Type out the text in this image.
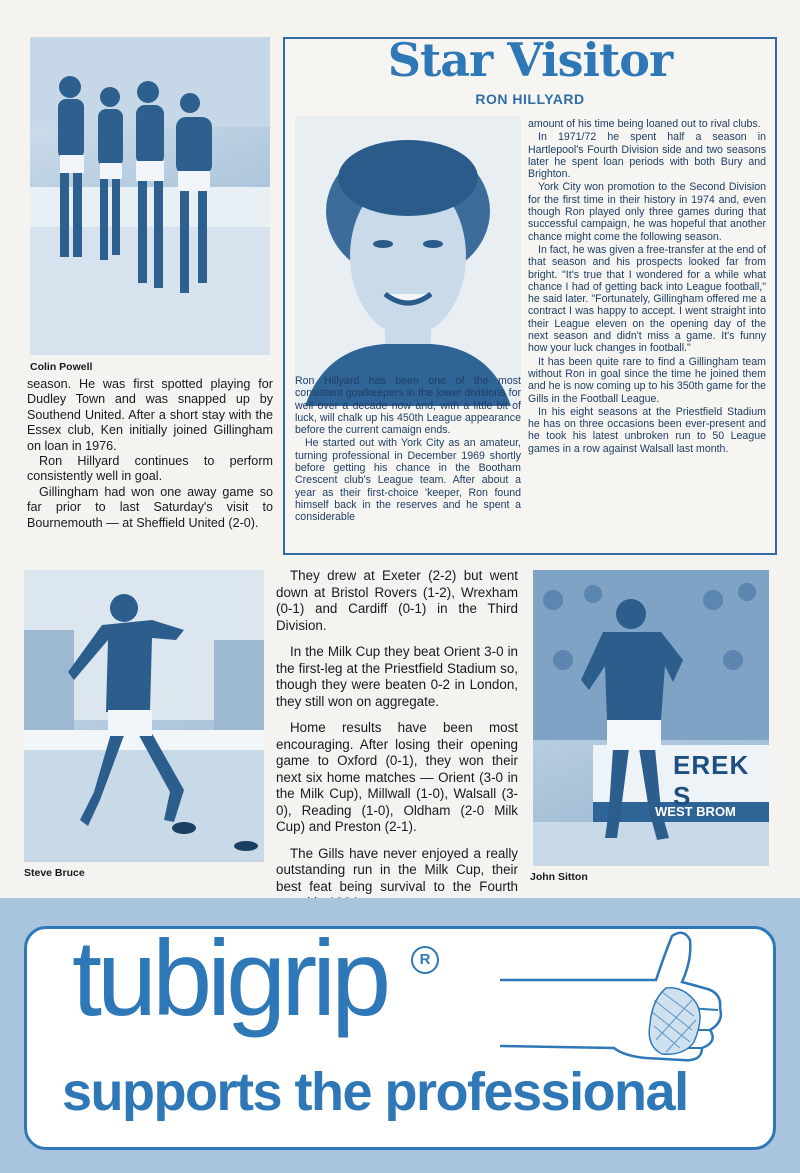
Colin Powell

season. He was first spotted playing for Dudley Town and was snapped up by Southend United. After a short stay with the Essex club, Ken initially joined Gillingham on loan in 1976.

Ron Hillyard continues to perform consistently well in goal.

Gillingham had won one away game so far prior to last Saturday's visit to Bournemouth — at Sheffield United (2-0).

Star Visitor
RON HILLYARD

Ron Hillyard has been one of the most consistent goalkeepers in the lower divisions for well over a decade now and, with a little bit of luck, will chalk up his 450th League appearance before the current camaign ends.

He started out with York City as an amateur, turning professional in December 1969 shortly before getting his chance in the Bootham Crescent club's League team. After about a year as their first-choice 'keeper, Ron found himself back in the reserves and he spent a considerable

amount of his time being loaned out to rival clubs.

In 1971/72 he spent half a season in Hartlepool's Fourth Division side and two seasons later he spent loan periods with both Bury and Brighton.

York City won promotion to the Second Division for the first time in their history in 1974 and, even though Ron played only three games during that successful campaign, he was hopeful that another chance might come the following season.

In fact, he was given a free-transfer at the end of that season and his prospects looked far from bright. "It's true that I wondered for a while what chance I had of getting back into League football," he said later. "Fortunately, Gillingham offered me a contract I was happy to accept. I went straight into their League eleven on the opening day of the next season and didn't miss a game. It's funny how your luck changes in football."

It has been quite rare to find a Gillingham team without Ron in goal since the time he joined them and he is now coming up to his 350th game for the Gills in the Football League.

In his eight seasons at the Priestfield Stadium he has on three occasions been ever-present and he took his latest unbroken run to 50 League games in a row against Walsall last month.

Steve Bruce

They drew at Exeter (2-2) but went down at Bristol Rovers (1-2), Wrexham (0-1) and Cardiff (0-1) in the Third Division.

In the Milk Cup they beat Orient 3-0 in the first-leg at the Priestfield Stadium so, though they were beaten 0-2 in London, they still won on aggregate.

Home results have been most encouraging. After losing their opening game to Oxford (0-1), they won their next six home matches — Orient (3-0 in the Milk Cup), Millwall (1-0), Walsall (3-0), Reading (1-0), Oldham (2-0 Milk Cup) and Preston (2-1).

The Gills have never enjoyed a really outstanding run in the Milk Cup, their best feat being survival to the Fourth

EREK S
WEST BROM
John Sitton
tubigrip	R
supports the professional
